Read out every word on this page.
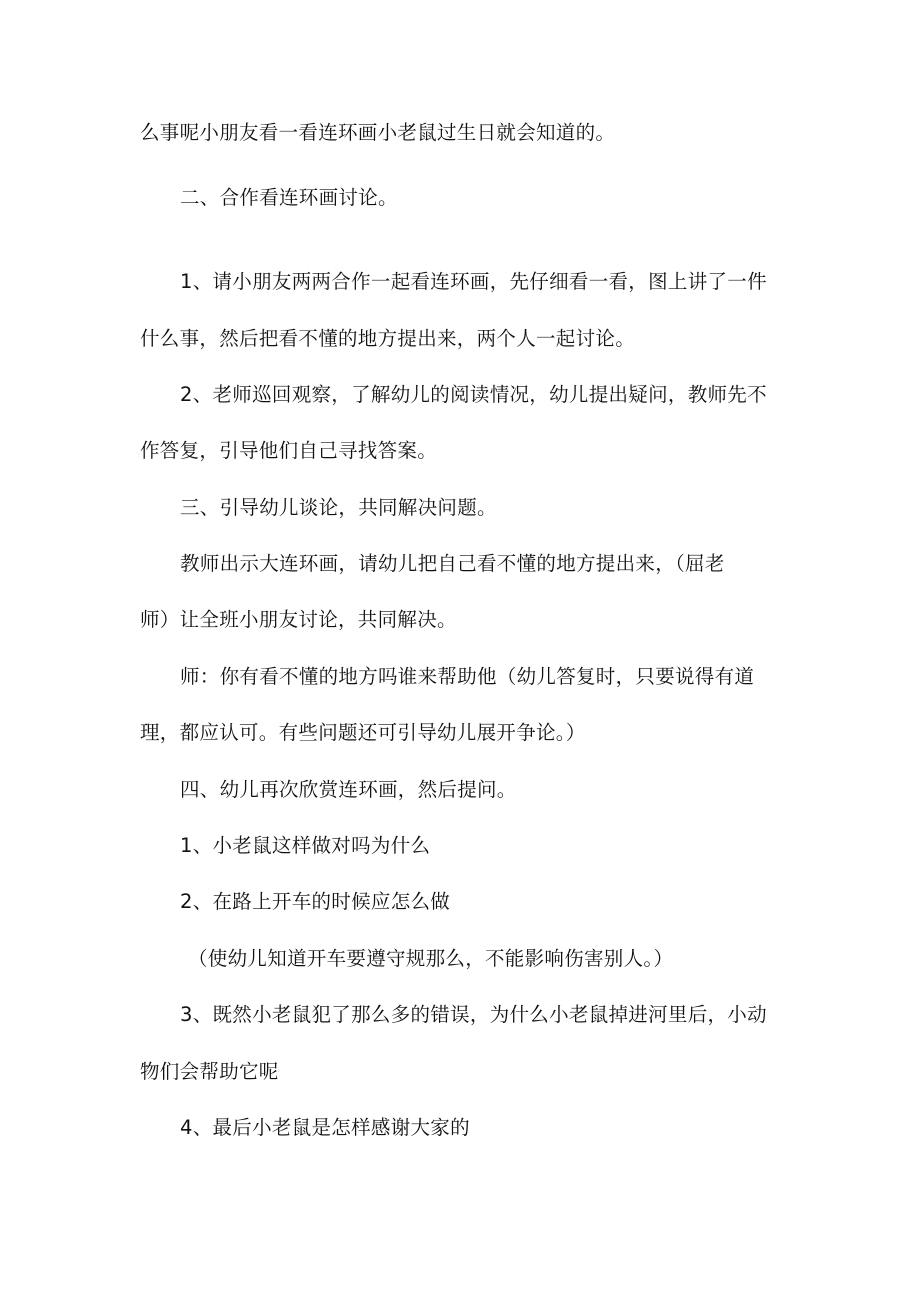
么事呢小朋友看一看连环画小老鼠过生日就会知道的。
二、合作看连环画讨论。
1、请小朋友两两合作一起看连环画，先仔细看一看，图上讲了一件
什么事，然后把看不懂的地方提出来，两个人一起讨论。
2、老师巡回观察，了解幼儿的阅读情况，幼儿提出疑问，教师先不
作答复，引导他们自己寻找答案。
三、引导幼儿谈论，共同解决问题。
教师出示大连环画，请幼儿把自己看不懂的地方提出来，（屈老
师）让全班小朋友讨论，共同解决。
师：你有看不懂的地方吗谁来帮助他（幼儿答复时，只要说得有道
理，都应认可。有些问题还可引导幼儿展开争论。）
四、幼儿再次欣赏连环画，然后提问。
1、小老鼠这样做对吗为什么
2、在路上开车的时候应怎么做
（使幼儿知道开车要遵守规那么，不能影响伤害别人。）
3、既然小老鼠犯了那么多的错误，为什么小老鼠掉进河里后，小动
物们会帮助它呢
4、最后小老鼠是怎样感谢大家的
